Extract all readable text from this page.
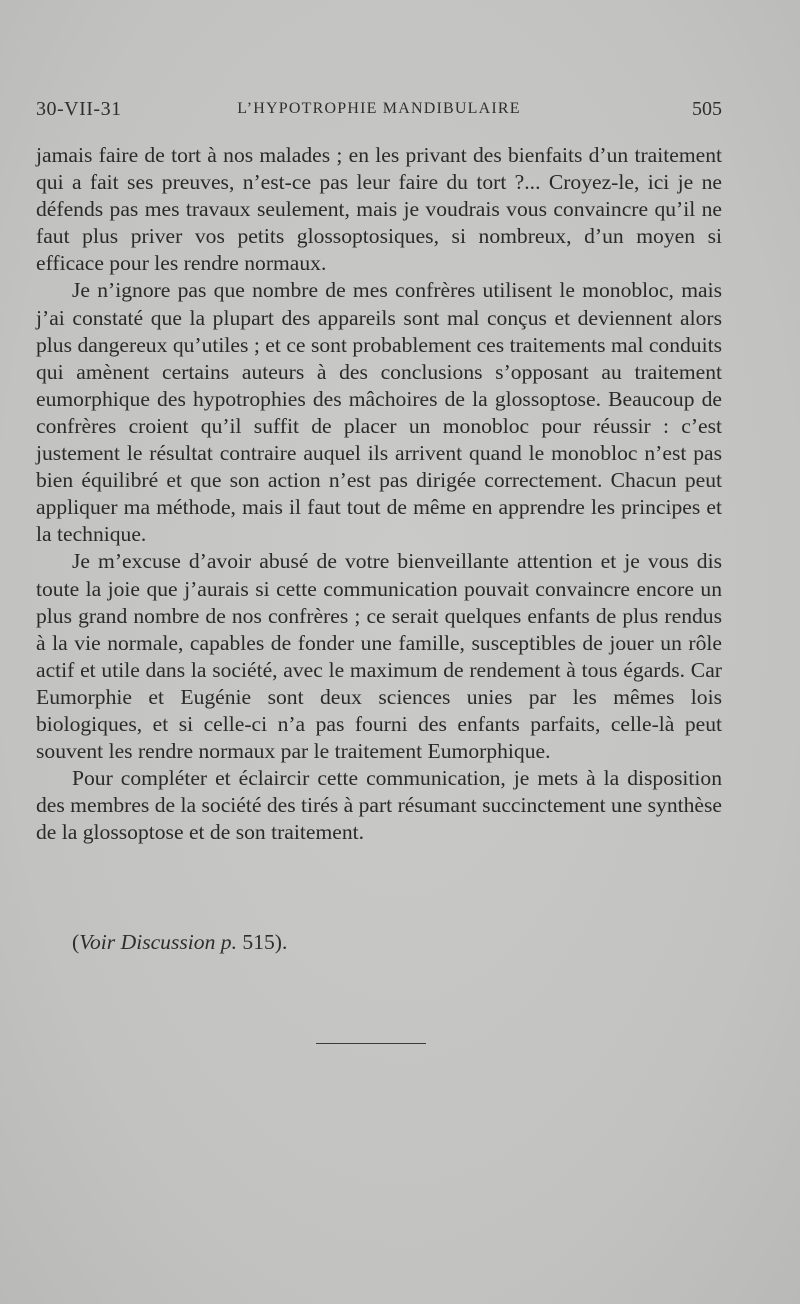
30-VII-31	L’HYPOTROPHIE MANDIBULAIRE	505

jamais faire de tort à nos malades ; en les privant des bienfaits d’un traitement qui a fait ses preuves, n’est-ce pas leur faire du tort ?... Croyez-le, ici je ne défends pas mes travaux seulement, mais je voudrais vous convaincre qu’il ne faut plus priver vos petits glossoptosiques, si nombreux, d’un moyen si efficace pour les rendre normaux.

Je n’ignore pas que nombre de mes confrères utilisent le monobloc, mais j’ai constaté que la plupart des appareils sont mal conçus et deviennent alors plus dangereux qu’utiles ; et ce sont probablement ces traitements mal conduits qui amènent certains auteurs à des conclusions s’opposant au traitement eumorphique des hypotrophies des mâchoires de la glossoptose. Beaucoup de confrères croient qu’il suffit de placer un monobloc pour réussir : c’est justement le résultat contraire auquel ils arrivent quand le monobloc n’est pas bien équilibré et que son action n’est pas dirigée correctement. Chacun peut appliquer ma méthode, mais il faut tout de même en apprendre les principes et la technique.

Je m’excuse d’avoir abusé de votre bienveillante attention et je vous dis toute la joie que j’aurais si cette communication pouvait convaincre encore un plus grand nombre de nos confrères ; ce serait quelques enfants de plus rendus à la vie normale, capables de fonder une famille, susceptibles de jouer un rôle actif et utile dans la société, avec le maximum de rendement à tous égards. Car Eumorphie et Eugénie sont deux sciences unies par les mêmes lois biologiques, et si celle-ci n’a pas fourni des enfants parfaits, celle-là peut souvent les rendre normaux par le traitement Eumorphique.

Pour compléter et éclaircir cette communication, je mets à la disposition des membres de la société des tirés à part résumant succinctement une synthèse de la glossoptose et de son traitement.

(Voir Discussion p. 515).
